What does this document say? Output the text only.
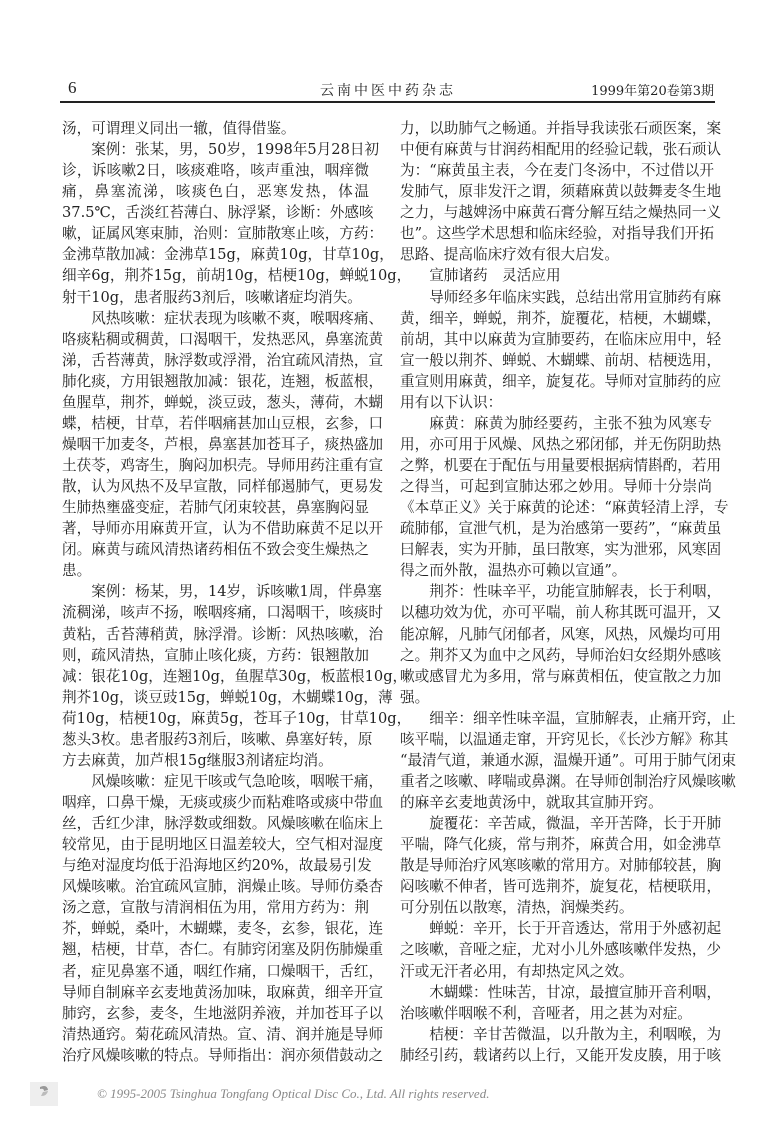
6	云南中医中药杂志	1999年第20卷第3期
汤，可谓理义同出一辙，值得借鉴。
案例：张某，男，50岁，1998年5月28日初
诊，诉咳嗽2日，咳痰难咯，咳声重浊，咽痒微
痛，鼻塞流涕，咳痰色白，恶寒发热，体温
37.5℃，舌淡红苔薄白、脉浮紧，诊断：外感咳
嗽，证属风寒束肺，治则：宣肺散寒止咳，方药：
金沸草散加减：金沸草15g，麻黄10g，甘草10g，
细辛6g，荆芥15g，前胡10g，桔梗10g，蝉蜕10g，
射干10g，患者服药3剂后，咳嗽诸症均消失。
风热咳嗽：症状表现为咳嗽不爽，喉咽疼痛、
咯痰粘稠或稠黄，口渴咽干，发热恶风，鼻塞流黄
涕，舌苔薄黄，脉浮数或浮滑，治宜疏风清热，宣
肺化痰，方用银翘散加减：银花，连翘，板蓝根，
鱼腥草，荆芥，蝉蜕，淡豆豉，葱头，薄荷，木蝴
蝶，桔梗，甘草，若伴咽痛甚加山豆根，玄参，口
燥咽干加麦冬，芦根，鼻塞甚加苍耳子，痰热盛加
土茯苓，鸡寄生，胸闷加枳壳。导师用药注重有宣
散，认为风热不及早宣散，同样郁遏肺气，更易发
生肺热壅盛变症，若肺气闭束较甚，鼻塞胸闷显
著，导师亦用麻黄开宣，认为不借助麻黄不足以开
闭。麻黄与疏风清热诸药相伍不致会变生燥热之
患。
案例：杨某，男，14岁，诉咳嗽1周，伴鼻塞
流稠涕，咳声不扬，喉咽疼痛，口渴咽干，咳痰时
黄粘，舌苔薄稍黄，脉浮滑。诊断：风热咳嗽，治
则，疏风清热，宣肺止咳化痰，方药：银翘散加
减：银花10g，连翘10g，鱼腥草30g，板蓝根10g，
荆芥10g，谈豆豉15g，蝉蜕10g，木蝴蝶10g，薄
荷10g，桔梗10g，麻黄5g，苍耳子10g，甘草10g，
葱头3枚。患者服药3剂后，咳嗽、鼻塞好转，原
方去麻黄，加芦根15g继服3剂诸症均消。
风燥咳嗽：症见干咳或气急呛咳，咽喉干痛，
咽痒，口鼻干燥，无痰或痰少而粘难咯或痰中带血
丝，舌红少津，脉浮数或细数。风燥咳嗽在临床上
较常见，由于昆明地区日温差较大，空气相对湿度
与绝对湿度均低于沿海地区约20%，故最易引发
风燥咳嗽。治宜疏风宣肺，润燥止咳。导师仿桑杏
汤之意，宣散与清润相伍为用，常用方药为：荆
芥，蝉蜕，桑叶，木蝴蝶，麦冬，玄参，银花，连
翘，桔梗，甘草，杏仁。有肺窍闭塞及阴伤肺燥重
者，症见鼻塞不通，咽红作痛，口燥咽干，舌红，
导师自制麻辛玄麦地黄汤加味，取麻黄，细辛开宣
肺窍，玄参，麦冬，生地滋阴养液，并加苍耳子以
清热通窍。菊花疏风清热。宣、清、润并施是导师
治疗风燥咳嗽的特点。导师指出：润亦须借鼓动之
力，以助肺气之畅通。并指导我读张石顽医案，案
中便有麻黄与甘润药相配用的经验记载，张石顽认
为：“麻黄虽主表，今在麦门冬汤中，不过借以开
发肺气，原非发汗之谓，须藉麻黄以鼓舞麦冬生地
之力，与越婢汤中麻黄石膏分解互结之燥热同一义
也”。这些学术思想和临床经验，对指导我们开拓
思路、提高临床疗效有很大启发。
宣肺诸药　灵活应用
导师经多年临床实践，总结出常用宣肺药有麻
黄，细辛，蝉蜕，荆芥，旋覆花，桔梗，木蝴蝶，
前胡，其中以麻黄为宣肺要药，在临床应用中，轻
宣一般以荆芥、蝉蜕、木蝴蝶、前胡、桔梗选用，
重宣则用麻黄，细辛，旋复花。导师对宣肺药的应
用有以下认识：
麻黄：麻黄为肺经要药，主张不独为风寒专
用，亦可用于风燥、风热之邪闭郁，并无伤阴助热
之弊，机要在于配伍与用量要根据病情斟酌，若用
之得当，可起到宣肺达邪之妙用。导师十分崇尚
《本草正义》关于麻黄的论述：“麻黄轻清上浮，专
疏肺郁，宣泄气机，是为治感第一要药”，“麻黄虽
曰解表，实为开肺，虽曰散寒，实为泄邪，风寒固
得之而外散，温热亦可赖以宣通”。
荆芥：性味辛平，功能宣肺解表，长于利咽，
以穗功效为优，亦可平喘，前人称其既可温开，又
能凉解，凡肺气闭郁者，风寒，风热，风燥均可用
之。荆芥又为血中之风药，导师治妇女经期外感咳
嗽或感冒尤为多用，常与麻黄相伍，使宣散之力加
强。
细辛：细辛性味辛温，宣肺解表，止痛开窍，止
咳平喘，以温通走窜，开窍见长，《长沙方解》称其
“最清气道，兼通水源，温燥开通”。可用于肺气闭束
重者之咳嗽、哮喘或鼻渊。在导师创制治疗风燥咳嗽
的麻辛玄麦地黄汤中，就取其宣肺开窍。
旋覆花：辛苦咸，微温，辛开苦降，长于开肺
平喘，降气化痰，常与荆芥，麻黄合用，如金沸草
散是导师治疗风寒咳嗽的常用方。对肺郁较甚，胸
闷咳嗽不伸者，皆可选荆芥，旋复花，桔梗联用，
可分别伍以散寒，清热，润燥类药。
蝉蜕：辛开，长于开音透达，常用于外感初起
之咳嗽，音哑之症，尤对小儿外感咳嗽伴发热，少
汗或无汗者必用，有却热定风之效。
木蝴蝶：性味苦，甘凉，最擅宣肺开音利咽，
治咳嗽伴咽喉不利，音哑者，用之甚为对症。
桔梗：辛甘苦微温，以升散为主，利咽喉，为
肺经引药，载诸药以上行，又能开发皮腠，用于咳
© 1995-2005 Tsinghua Tongfang Optical Disc Co., Ltd. All rights reserved.
